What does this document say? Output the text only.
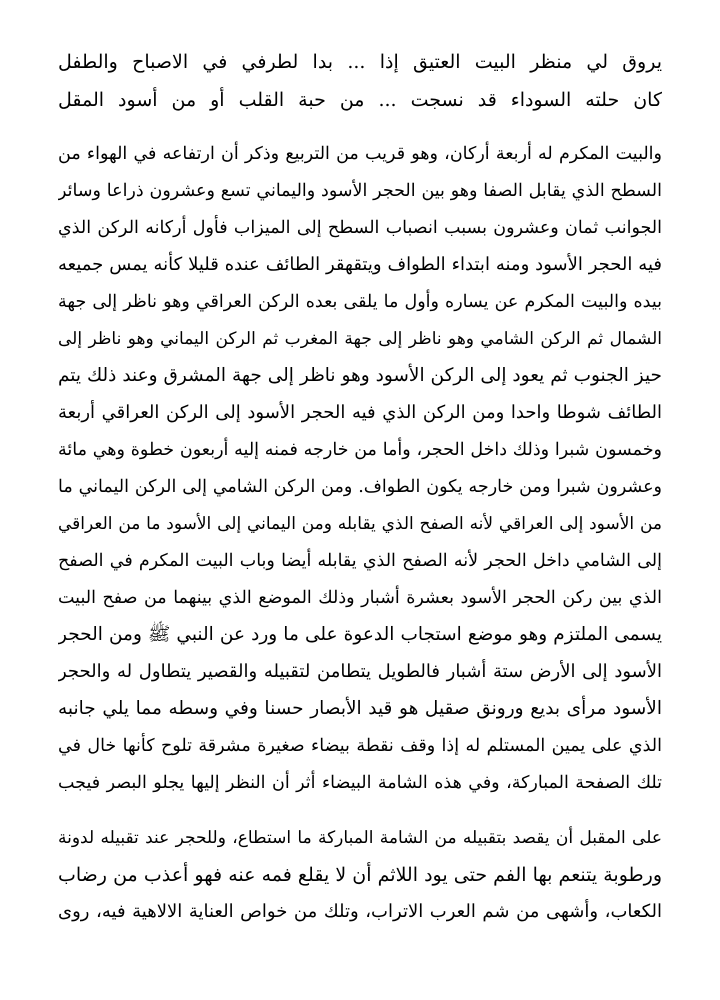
يروق لي منظر البيت العتيق إذا ... بدا لطرفي في الاصباح والطفل
كان حلته السوداء قد نسجت ... من حبة القلب أو من أسود المقل
والبيت المكرم له أربعة أركان، وهو قريب من التربيع وذكر أن ارتفاعه في الهواء من
السطح الذي يقابل الصفا وهو بين الحجر الأسود واليماني تسع وعشرون ذراعا وسائر
الجوانب ثمان وعشرون بسبب انصباب السطح إلى الميزاب فأول أركانه الركن الذي
فيه الحجر الأسود ومنه ابتداء الطواف ويتقهقر الطائف عنده قليلا كأنه يمس جميعه
بيده والبيت المكرم عن يساره وأول ما يلقى بعده الركن العراقي وهو ناظر إلى جهة
الشمال ثم الركن الشامي وهو ناظر إلى جهة المغرب ثم الركن اليماني وهو ناظر إلى
حيز الجنوب ثم يعود إلى الركن الأسود وهو ناظر إلى جهة المشرق وعند ذلك يتم
الطائف شوطا واحدا ومن الركن الذي فيه الحجر الأسود إلى الركن العراقي أربعة
وخمسون شبرا وذلك داخل الحجر، وأما من خارجه فمنه إليه أربعون خطوة وهي مائة
وعشرون شبرا ومن خارجه يكون الطواف. ومن الركن الشامي إلى الركن اليماني ما
من الأسود إلى العراقي لأنه الصفح الذي يقابله ومن اليماني إلى الأسود ما من العراقي
إلى الشامي داخل الحجر لأنه الصفح الذي يقابله أيضا وباب البيت المكرم في الصفح
الذي بين ركن الحجر الأسود بعشرة أشبار وذلك الموضع الذي بينهما من صفح البيت
يسمى الملتزم وهو موضع استجاب الدعوة على ما ورد عن النبي ﷺ ومن الحجر
الأسود إلى الأرض ستة أشبار فالطويل يتطامن لتقبيله والقصير يتطاول له والحجر
الأسود مرأى بديع ورونق صقيل هو قيد الأبصار حسنا وفي وسطه مما يلي جانبه
الذي على يمين المستلم له إذا وقف نقطة بيضاء صغيرة مشرقة تلوح كأنها خال في
تلك الصفحة المباركة، وفي هذه الشامة البيضاء أثر أن النظر إليها يجلو البصر فيجب
على المقبل أن يقصد بتقبيله من الشامة المباركة ما استطاع، وللحجر عند تقبيله لدونة
ورطوبة يتنعم بها الفم حتى يود اللاثم أن لا يقلع فمه عنه فهو أعذب من رضاب
الكعاب، وأشهى من شم العرب الاتراب، وتلك من خواص العناية الالاهية فيه، روى
